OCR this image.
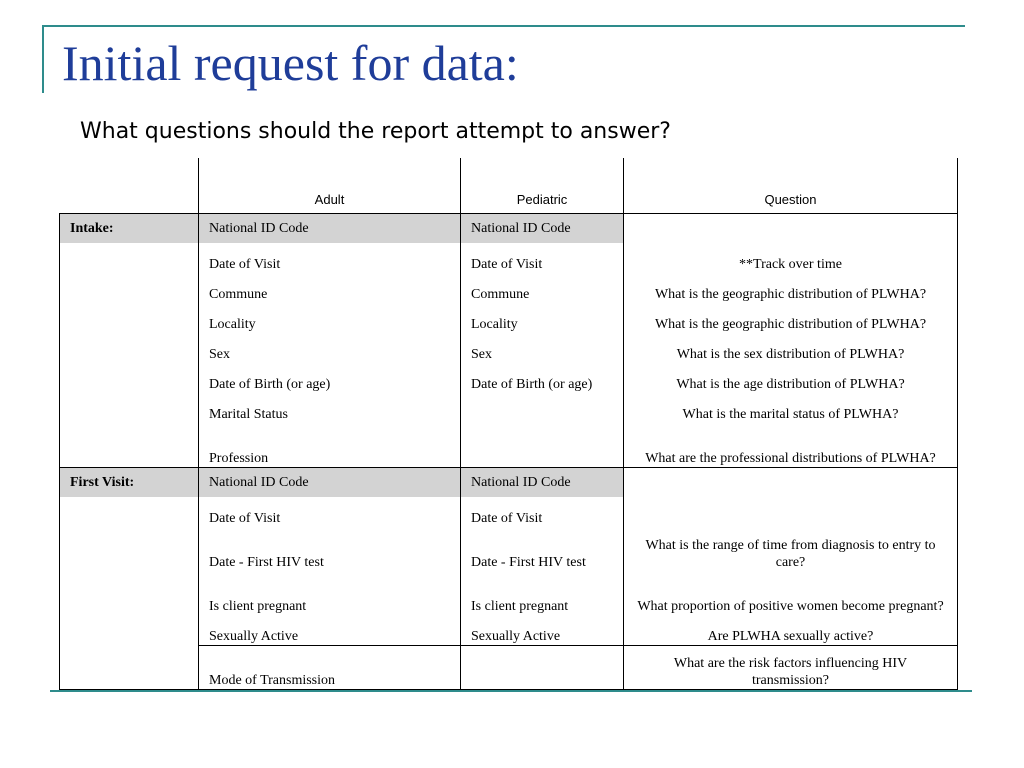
Initial request for data:

What questions should the report attempt to answer?

	Adult	Pediatric	Question
Intake:	National ID Code	National ID Code	
	Date of Visit	Date of Visit	**Track over time
	Commune	Commune	What is the geographic distribution of PLWHA?
	Locality	Locality	What is the geographic distribution of PLWHA?
	Sex	Sex	What is the sex distribution of PLWHA?
	Date of Birth (or age)	Date of Birth (or age)	What is the age distribution of PLWHA?
	Marital Status		What is the marital status of PLWHA?
	Profession		What are the professional distributions of PLWHA?
First Visit:	National ID Code	National ID Code	
	Date of Visit	Date of Visit	
	Date - First HIV test	Date - First HIV test	What is the range of time from diagnosis to entry to care?
	Is client pregnant	Is client pregnant	What proportion of positive women become pregnant?
	Sexually Active	Sexually Active	Are PLWHA sexually active?
	Mode of Transmission		What are the risk factors influencing HIV transmission?
